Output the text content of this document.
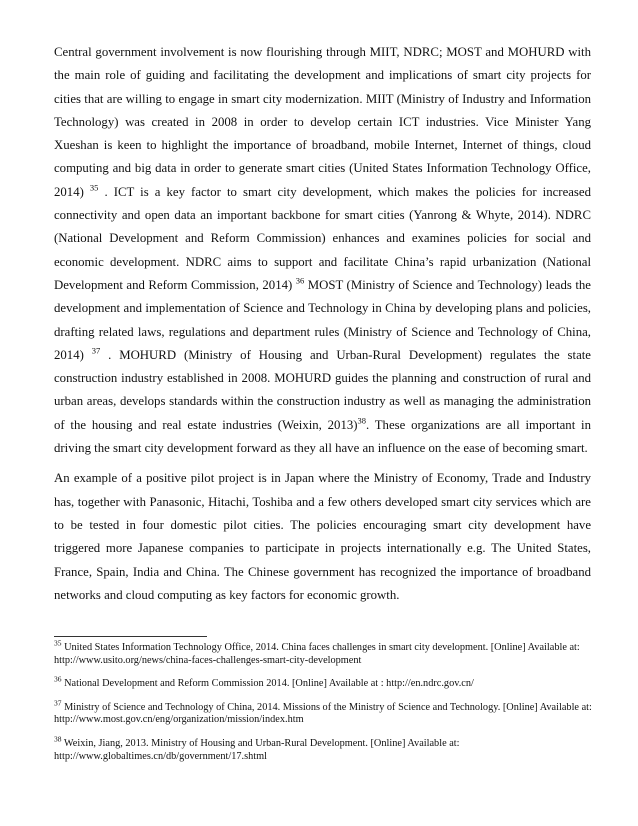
Central government involvement is now flourishing through MIIT, NDRC; MOST and MOHURD with the main role of guiding and facilitating the development and implications of smart city projects for cities that are willing to engage in smart city modernization. MIIT (Ministry of Industry and Information Technology) was created in 2008 in order to develop certain ICT industries. Vice Minister Yang Xueshan is keen to highlight the importance of broadband, mobile Internet, Internet of things, cloud computing and big data in order to generate smart cities (United States Information Technology Office, 2014) $^{35}$ . ICT is a key factor to smart city development, which makes the policies for increased connectivity and open data an important backbone for smart cities (Yanrong & Whyte, 2014). NDRC (National Development and Reform Commission) enhances and examines policies for social and economic development. NDRC aims to support and facilitate China’s rapid urbanization (National Development and Reform Commission, 2014) $^{36}$ MOST (Ministry of Science and Technology) leads the development and implementation of Science and Technology in China by developing plans and policies, drafting related laws, regulations and department rules (Ministry of Science and Technology of China, 2014) $^{37}$ . MOHURD (Ministry of Housing and Urban-Rural Development) regulates the state construction industry established in 2008. MOHURD guides the planning and construction of rural and urban areas, develops standards within the construction industry as well as managing the administration of the housing and real estate industries (Weixin, 2013)$^{38}$. These organizations are all important in driving the smart city development forward as they all have an influence on the ease of becoming smart.

An example of a positive pilot project is in Japan where the Ministry of Economy, Trade and Industry has, together with Panasonic, Hitachi, Toshiba and a few others developed smart city services which are to be tested in four domestic pilot cities. The policies encouraging smart city development have triggered more Japanese companies to participate in projects internationally e.g. The United States, France, Spain, India and China. The Chinese government has recognized the importance of broadband networks and cloud computing as key factors for economic growth.

$^{35}$ United States Information Technology Office, 2014. China faces challenges in smart city development. [Online] Available at: http://www.usito.org/news/china-faces-challenges-smart-city-development

$^{36}$ National Development and Reform Commission 2014. [Online] Available at : http://en.ndrc.gov.cn/

$^{37}$ Ministry of Science and Technology of China, 2014. Missions of the Ministry of Science and Technology. [Online] Available at: http://www.most.gov.cn/eng/organization/mission/index.htm

$^{38}$ Weixin, Jiang, 2013. Ministry of Housing and Urban-Rural Development. [Online] Available at: http://www.globaltimes.cn/db/government/17.shtml
